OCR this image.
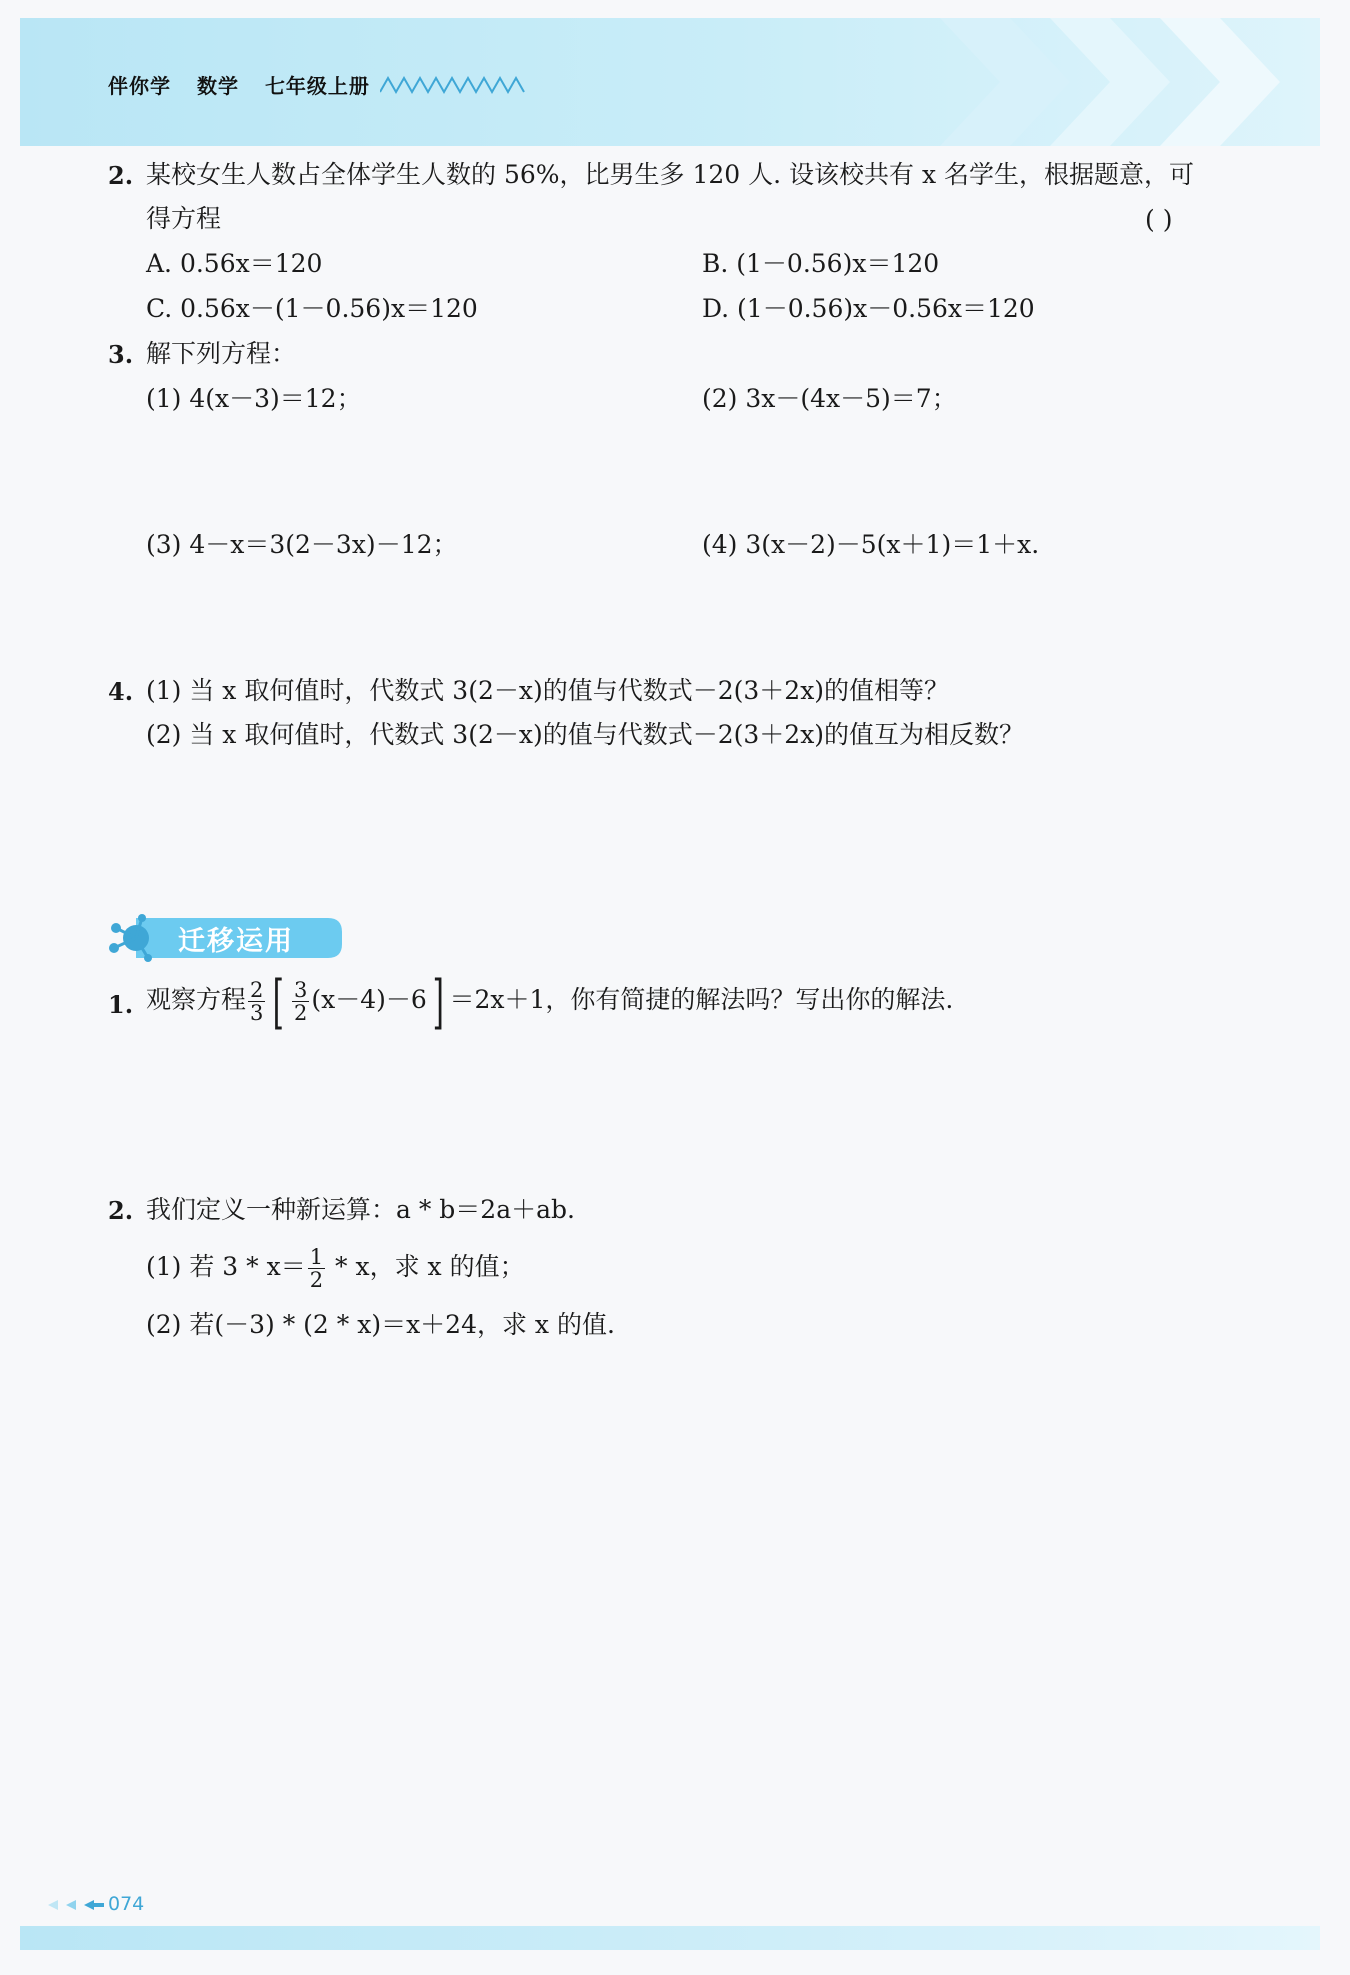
伴你学 数学 七年级上册
2. 某校女生人数占全体学生人数的 56%，比男生多 120 人. 设该校共有 x 名学生，根据题意，可
得方程	( )
A. 0.56x＝120	B. (1－0.56)x＝120
C. 0.56x－(1－0.56)x＝120	D. (1－0.56)x－0.56x＝120
3. 解下列方程：
(1) 4(x－3)＝12；	(2) 3x－(4x－5)＝7；
(3) 4－x＝3(2－3x)－12；	(4) 3(x－2)－5(x＋1)＝1＋x.
4. (1) 当 x 取何值时，代数式 3(2－x)的值与代数式－2(3＋2x)的值相等？
(2) 当 x 取何值时，代数式 3(2－x)的值与代数式－2(3＋2x)的值互为相反数？
迁移运用
1. 观察方程 $\frac{2}{3}$ [ $\frac{3}{2} (x-4)-6] =2x+1$，你有简捷的解法吗？写出你的解法.
2. 我们定义一种新运算：a * b＝2a＋ab.
(1) 若 $3 * x= \frac{1}{2} * x$，求 x 的值；
(2) 若(－3) * (2 * x)＝x＋24，求 x 的值.
074
